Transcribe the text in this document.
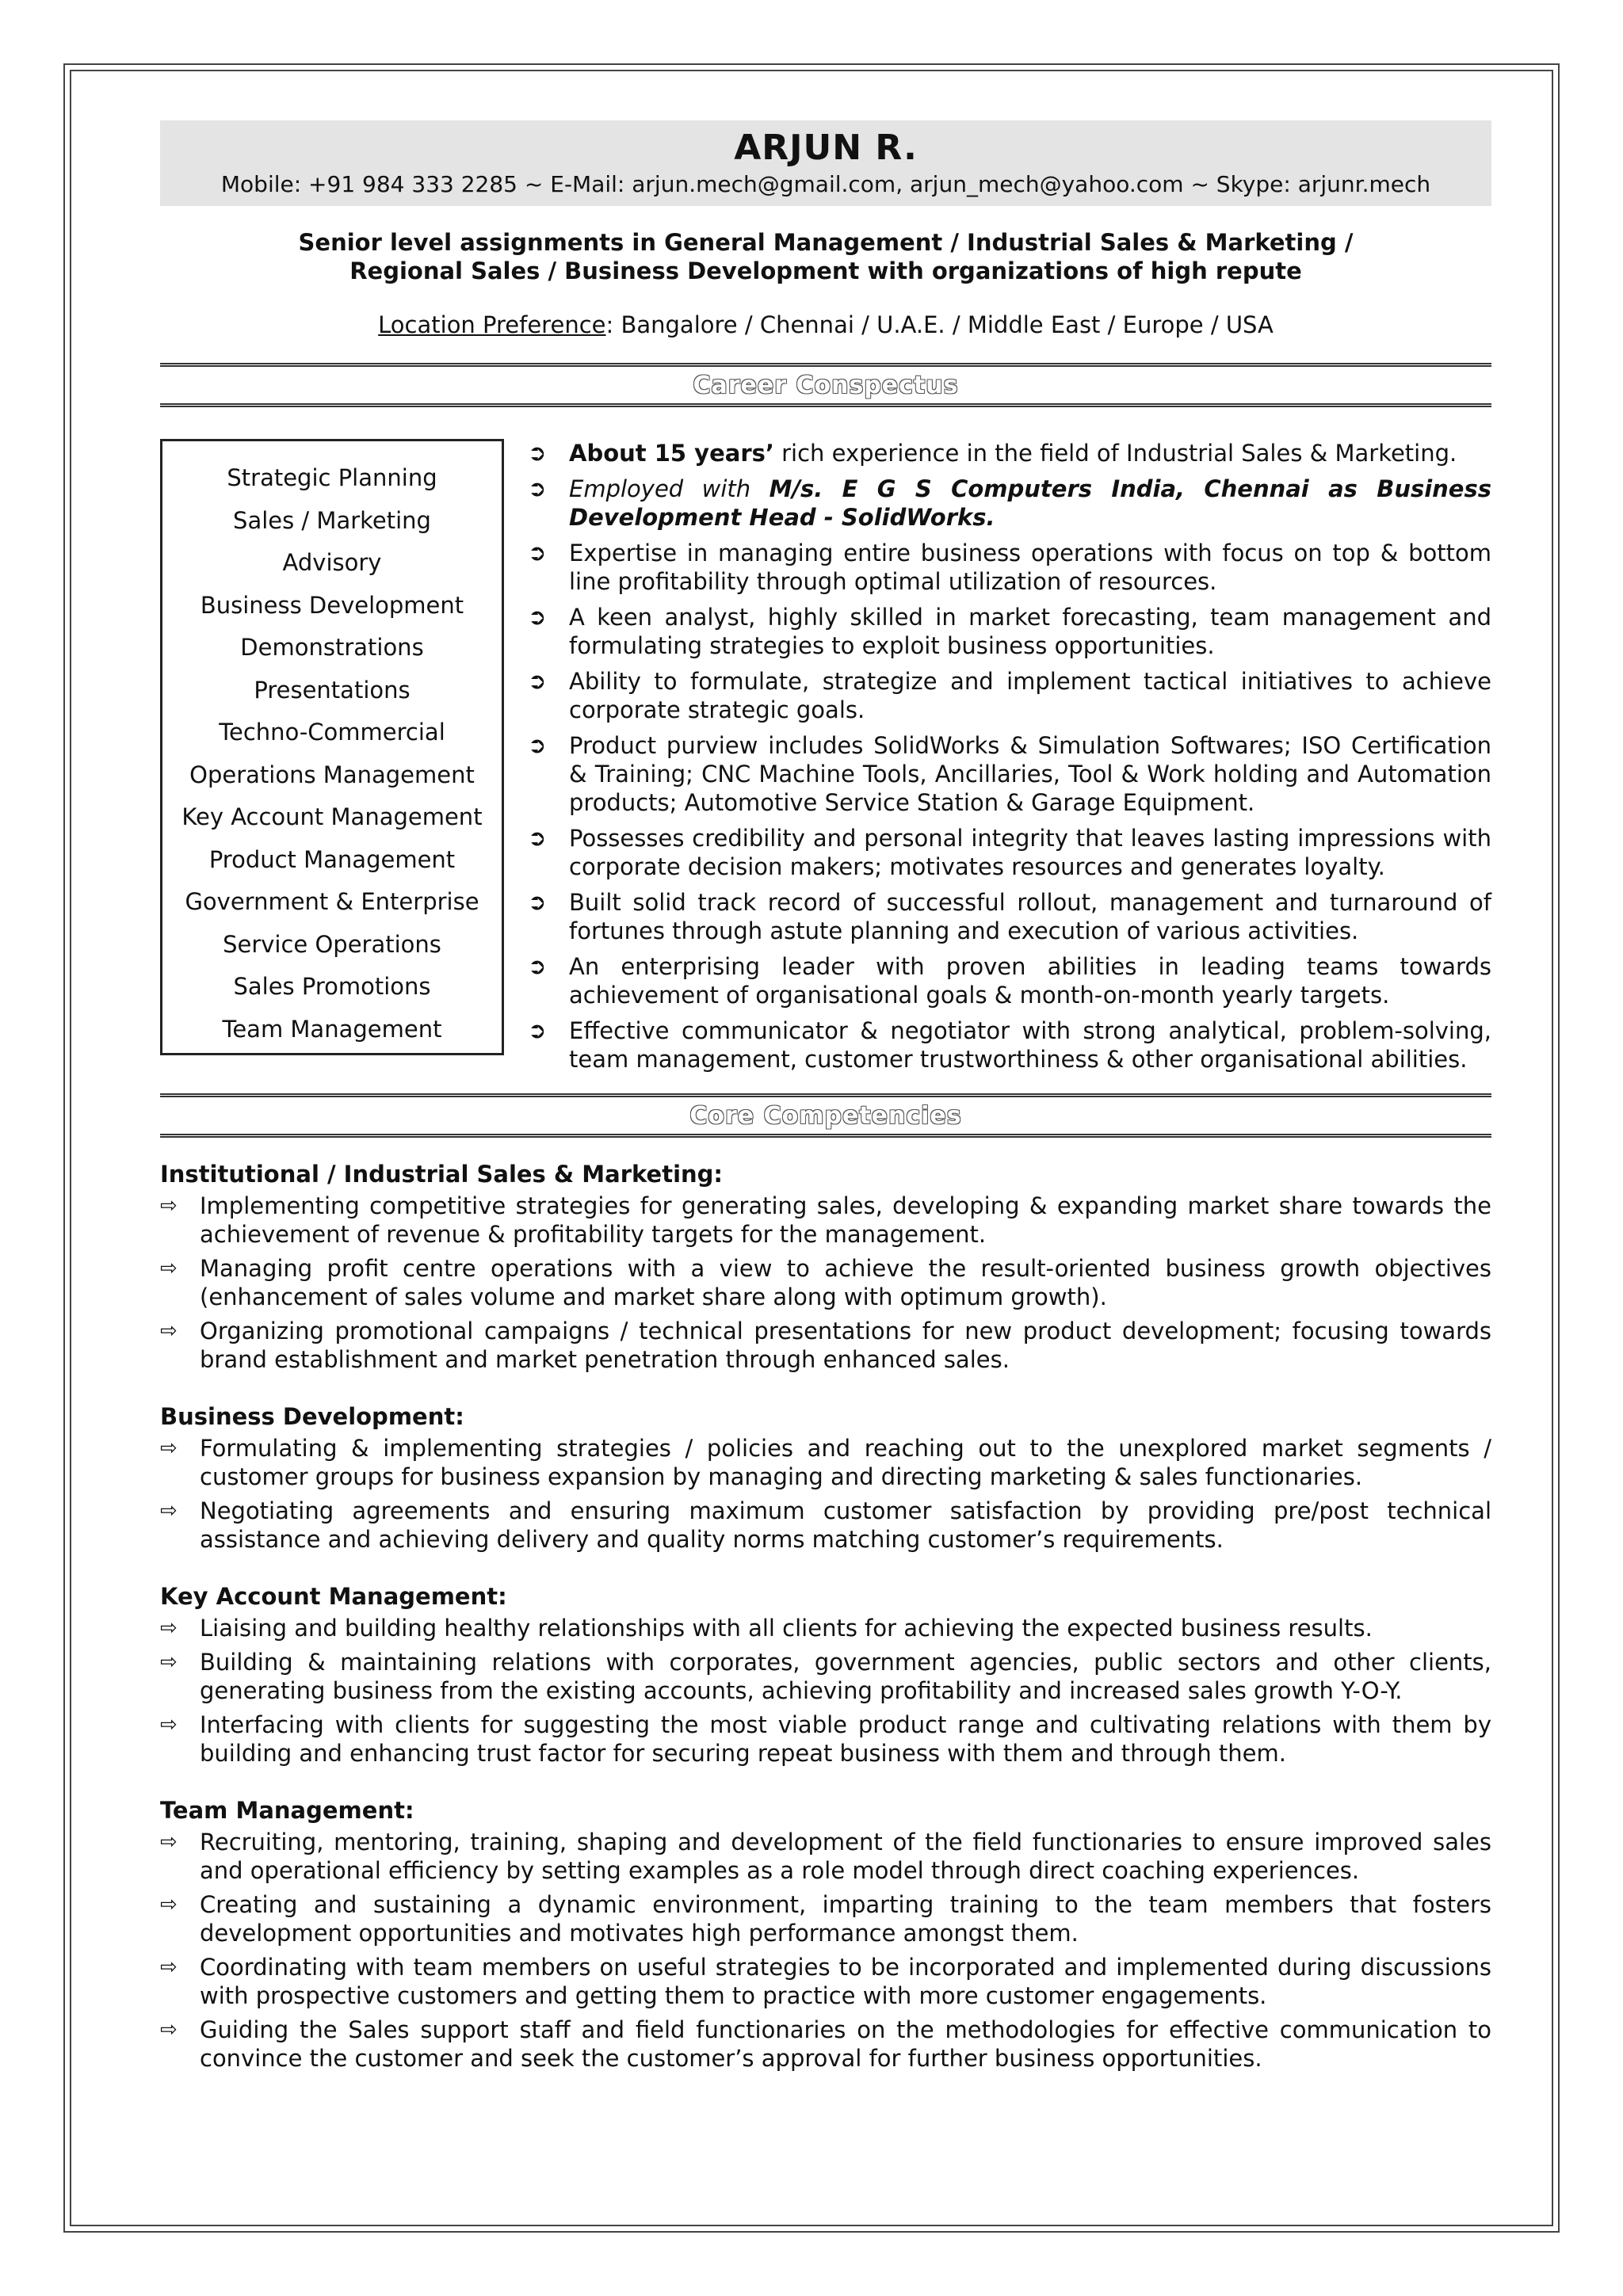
ARJUN R.
Mobile: +91 984 333 2285 ~ E-Mail: arjun.mech@gmail.com, arjun_mech@yahoo.com ~ Skype: arjunr.mech
Senior level assignments in General Management / Industrial Sales & Marketing /
Regional Sales / Business Development with organizations of high repute
Location Preference: Bangalore / Chennai / U.A.E. / Middle East / Europe / USA
Career Conspectus
Strategic Planning
Sales / Marketing
Advisory
Business Development
Demonstrations
Presentations
Techno-Commercial
Operations Management
Key Account Management
Product Management
Government & Enterprise
Service Operations
Sales Promotions
Team Management
➲ About 15 years’ rich experience in the field of Industrial Sales & Marketing.
➲ Employed with M/s. E G S Computers India, Chennai as Business Development Head - SolidWorks.
➲ Expertise in managing entire business operations with focus on top & bottom line profitability through optimal utilization of resources.
➲ A keen analyst, highly skilled in market forecasting, team management and formulating strategies to exploit business opportunities.
➲ Ability to formulate, strategize and implement tactical initiatives to achieve corporate strategic goals.
➲ Product purview includes SolidWorks & Simulation Softwares; ISO Certification & Training; CNC Machine Tools, Ancillaries, Tool & Work holding and Automation products; Automotive Service Station & Garage Equipment.
➲ Possesses credibility and personal integrity that leaves lasting impressions with corporate decision makers; motivates resources and generates loyalty.
➲ Built solid track record of successful rollout, management and turnaround of fortunes through astute planning and execution of various activities.
➲ An enterprising leader with proven abilities in leading teams towards achievement of organisational goals & month-on-month yearly targets.
➲ Effective communicator & negotiator with strong analytical, problem-solving, team management, customer trustworthiness & other organisational abilities.
Core Competencies
Institutional / Industrial Sales & Marketing:
⇨ Implementing competitive strategies for generating sales, developing & expanding market share towards the achievement of revenue & profitability targets for the management.
⇨ Managing profit centre operations with a view to achieve the result-oriented business growth objectives (enhancement of sales volume and market share along with optimum growth).
⇨ Organizing promotional campaigns / technical presentations for new product development; focusing towards brand establishment and market penetration through enhanced sales.
Business Development:
⇨ Formulating & implementing strategies / policies and reaching out to the unexplored market segments / customer groups for business expansion by managing and directing marketing & sales functionaries.
⇨ Negotiating agreements and ensuring maximum customer satisfaction by providing pre/post technical assistance and achieving delivery and quality norms matching customer’s requirements.
Key Account Management:
⇨ Liaising and building healthy relationships with all clients for achieving the expected business results.
⇨ Building & maintaining relations with corporates, government agencies, public sectors and other clients, generating business from the existing accounts, achieving profitability and increased sales growth Y-O-Y.
⇨ Interfacing with clients for suggesting the most viable product range and cultivating relations with them by building and enhancing trust factor for securing repeat business with them and through them.
Team Management:
⇨ Recruiting, mentoring, training, shaping and development of the field functionaries to ensure improved sales and operational efficiency by setting examples as a role model through direct coaching experiences.
⇨ Creating and sustaining a dynamic environment, imparting training to the team members that fosters development opportunities and motivates high performance amongst them.
⇨ Coordinating with team members on useful strategies to be incorporated and implemented during discussions with prospective customers and getting them to practice with more customer engagements.
⇨ Guiding the Sales support staff and field functionaries on the methodologies for effective communication to convince the customer and seek the customer’s approval for further business opportunities.
